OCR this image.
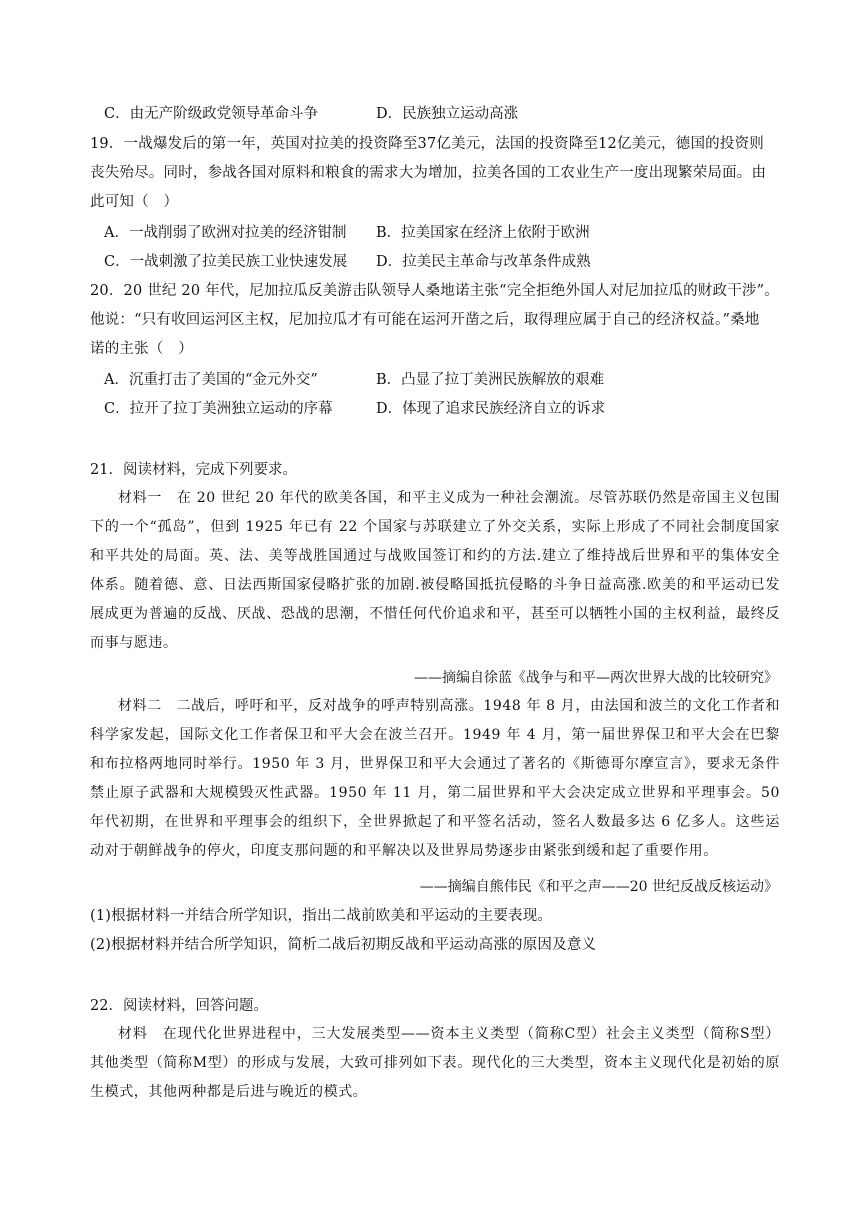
C．由无产阶级政党领导革命斗争	D．民族独立运动高涨
19．一战爆发后的第一年，英国对拉美的投资降至37亿美元，法国的投资降至12亿美元，德国的投资则
丧失殆尽。同时，参战各国对原料和粮食的需求大为增加，拉美各国的工农业生产一度出现繁荣局面。由
此可知（　）
A．一战削弱了欧洲对拉美的经济钳制 B．拉美国家在经济上依附于欧洲
C．一战刺激了拉美民族工业快速发展 D．拉美民主革命与改革条件成熟
20．20 世纪 20 年代，尼加拉瓜反美游击队领导人桑地诺主张“完全拒绝外国人对尼加拉瓜的财政干涉”。
他说：“只有收回运河区主权，尼加拉瓜才有可能在运河开凿之后，取得理应属于自己的经济权益。”桑地
诺的主张（　）
A．沉重打击了美国的“金元外交”	B．凸显了拉丁美洲民族解放的艰难
C．拉开了拉丁美洲独立运动的序幕	D．体现了追求民族经济自立的诉求
21．阅读材料，完成下列要求。
材料一　在 20 世纪 20 年代的欧美各国，和平主义成为一种社会潮流。尽管苏联仍然是帝国主义包围下的一个“孤岛”，但到 1925 年已有 22 个国家与苏联建立了外交关系，实际上形成了不同社会制度国家和平共处的局面。英、法、美等战胜国通过与战败国签订和约的方法.建立了维持战后世界和平的集体安全体系。随着德、意、日法西斯国家侵略扩张的加剧.被侵略国抵抗侵略的斗争日益高涨.欧美的和平运动已发展成更为普遍的反战、厌战、恐战的思潮，不惜任何代价追求和平，甚至可以牺牲小国的主权利益，最终反而事与愿违。
——摘编自徐蓝《战争与和平—两次世界大战的比较研究》
材料二　二战后，呼吁和平，反对战争的呼声特别高涨。1948 年 8 月，由法国和波兰的文化工作者和科学家发起，国际文化工作者保卫和平大会在波兰召开。1949 年 4 月，第一届世界保卫和平大会在巴黎和布拉格两地同时举行。1950 年 3 月，世界保卫和平大会通过了著名的《斯德哥尔摩宣言》，要求无条件禁止原子武器和大规模毁灭性武器。1950 年 11 月，第二届世界和平大会决定成立世界和平理事会。50 年代初期，在世界和平理事会的组织下，全世界掀起了和平签名活动，签名人数最多达 6 亿多人。这些运动对于朝鲜战争的停火，印度支那问题的和平解决以及世界局势逐步由紧张到缓和起了重要作用。
——摘编自熊伟民《和平之声——20 世纪反战反核运动》
(1)根据材料一并结合所学知识，指出二战前欧美和平运动的主要表现。
(2)根据材料并结合所学知识，简析二战后初期反战和平运动高涨的原因及意义
22．阅读材料，回答问题。
材料　在现代化世界进程中，三大发展类型——资本主义类型（简称C型）社会主义类型（简称S型）其他类型（简称M型）的形成与发展，大致可排列如下表。现代化的三大类型，资本主义现代化是初始的原生模式，其他两种都是后进与晚近的模式。
